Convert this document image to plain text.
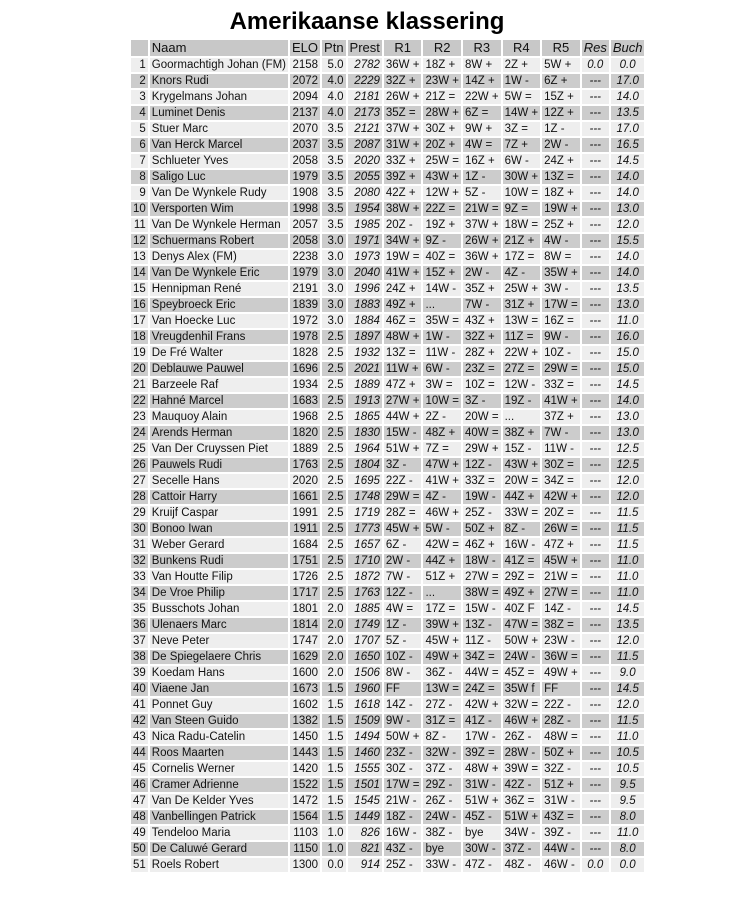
Amerikaanse klassering
	Naam	ELO	Ptn	Prest	R1	R2	R3	R4	R5	Res	Buch
1	Goormachtigh Johan (FM)	2158	5.0	2782	36W +	18Z +	8W +	2Z +	5W +	0.0	0.0
2	Knors Rudi	2072	4.0	2229	32Z +	23W +	14Z +	1W -	6Z +	---	17.0
3	Krygelmans Johan	2094	4.0	2181	26W +	21Z =	22W +	5W =	15Z +	---	14.0
4	Luminet Denis	2137	4.0	2173	35Z =	28W +	6Z =	14W +	12Z +	---	13.5
5	Stuer Marc	2070	3.5	2121	37W +	30Z +	9W +	3Z =	1Z -	---	17.0
6	Van Herck Marcel	2037	3.5	2087	31W +	20Z +	4W =	7Z +	2W -	---	16.5
7	Schlueter Yves	2058	3.5	2020	33Z +	25W =	16Z +	6W -	24Z +	---	14.5
8	Saligo Luc	1979	3.5	2055	39Z +	43W +	1Z -	30W +	13Z =	---	14.0
9	Van De Wynkele Rudy	1908	3.5	2080	42Z +	12W +	5Z -	10W =	18Z +	---	14.0
10	Versporten Wim	1998	3.5	1954	38W +	22Z =	21W =	9Z =	19W +	---	13.0
11	Van De Wynkele Herman	2057	3.5	1985	20Z -	19Z +	37W +	18W =	25Z +	---	12.0
12	Schuermans Robert	2058	3.0	1971	34W +	9Z -	26W +	21Z +	4W -	---	15.5
13	Denys Alex (FM)	2238	3.0	1973	19W =	40Z =	36W +	17Z =	8W =	---	14.0
14	Van De Wynkele Eric	1979	3.0	2040	41W +	15Z +	2W -	4Z -	35W +	---	14.0
15	Hennipman René	2191	3.0	1996	24Z +	14W -	35Z +	25W +	3W -	---	13.5
16	Speybroeck Eric	1839	3.0	1883	49Z +	...	7W -	31Z +	17W =	---	13.0
17	Van Hoecke Luc	1972	3.0	1884	46Z =	35W =	43Z +	13W =	16Z =	---	11.0
18	Vreugdenhil Frans	1978	2.5	1897	48W +	1W -	32Z +	11Z =	9W -	---	16.0
19	De Fré Walter	1828	2.5	1932	13Z =	11W -	28Z +	22W +	10Z -	---	15.0
20	Deblauwe Pauwel	1696	2.5	2021	11W +	6W -	23Z =	27Z =	29W =	---	15.0
21	Barzeele Raf	1934	2.5	1889	47Z +	3W =	10Z =	12W -	33Z =	---	14.5
22	Hahné Marcel	1683	2.5	1913	27W +	10W =	3Z -	19Z -	41W +	---	14.0
23	Mauquoy Alain	1968	2.5	1865	44W +	2Z -	20W =	...	37Z +	---	13.0
24	Arends Herman	1820	2.5	1830	15W -	48Z +	40W =	38Z +	7W -	---	13.0
25	Van Der Cruyssen Piet	1889	2.5	1964	51W +	7Z =	29W +	15Z -	11W -	---	12.5
26	Pauwels Rudi	1763	2.5	1804	3Z -	47W +	12Z -	43W +	30Z =	---	12.5
27	Secelle Hans	2020	2.5	1695	22Z -	41W +	33Z =	20W =	34Z =	---	12.0
28	Cattoir Harry	1661	2.5	1748	29W =	4Z -	19W -	44Z +	42W +	---	12.0
29	Kruijf Caspar	1991	2.5	1719	28Z =	46W +	25Z -	33W =	20Z =	---	11.5
30	Bonoo Iwan	1911	2.5	1773	45W +	5W -	50Z +	8Z -	26W =	---	11.5
31	Weber Gerard	1684	2.5	1657	6Z -	42W =	46Z +	16W -	47Z +	---	11.5
32	Bunkens Rudi	1751	2.5	1710	2W -	44Z +	18W -	41Z =	45W +	---	11.0
33	Van Houtte Filip	1726	2.5	1872	7W -	51Z +	27W =	29Z =	21W =	---	11.0
34	De Vroe Philip	1717	2.5	1763	12Z -	...	38W =	49Z +	27W =	---	11.0
35	Busschots Johan	1801	2.0	1885	4W =	17Z =	15W -	40Z F	14Z -	---	14.5
36	Ulenaers Marc	1814	2.0	1749	1Z -	39W +	13Z -	47W =	38Z =	---	13.5
37	Neve Peter	1747	2.0	1707	5Z -	45W +	11Z -	50W +	23W -	---	12.0
38	De Spiegelaere Chris	1629	2.0	1650	10Z -	49W +	34Z =	24W -	36W =	---	11.5
39	Koedam Hans	1600	2.0	1506	8W -	36Z -	44W =	45Z =	49W +	---	9.0
40	Viaene Jan	1673	1.5	1960	FF	13W =	24Z =	35W f	FF	---	14.5
41	Ponnet Guy	1602	1.5	1618	14Z -	27Z -	42W +	32W =	22Z -	---	12.0
42	Van Steen Guido	1382	1.5	1509	9W -	31Z =	41Z -	46W +	28Z -	---	11.5
43	Nica Radu-Catelin	1450	1.5	1494	50W +	8Z -	17W -	26Z -	48W =	---	11.0
44	Roos Maarten	1443	1.5	1460	23Z -	32W -	39Z =	28W -	50Z +	---	10.5
45	Cornelis Werner	1420	1.5	1555	30Z -	37Z -	48W +	39W =	32Z -	---	10.5
46	Cramer Adrienne	1522	1.5	1501	17W =	29Z -	31W -	42Z -	51Z +	---	9.5
47	Van De Kelder Yves	1472	1.5	1545	21W -	26Z -	51W +	36Z =	31W -	---	9.5
48	Vanbellingen Patrick	1564	1.5	1449	18Z -	24W -	45Z -	51W +	43Z =	---	8.0
49	Tendeloo Maria	1103	1.0	826	16W -	38Z -	bye	34W -	39Z -	---	11.0
50	De Caluwé Gerard	1150	1.0	821	43Z -	bye	30W -	37Z -	44W -	---	8.0
51	Roels Robert	1300	0.0	914	25Z -	33W -	47Z -	48Z -	46W -	0.0	0.0
